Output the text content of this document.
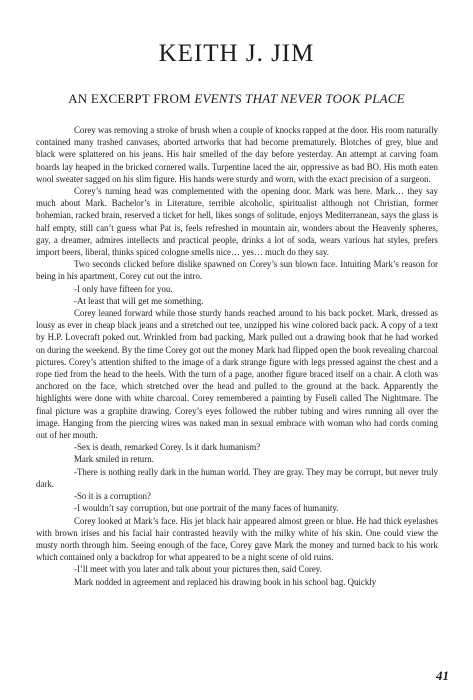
KEITH J. JIM
AN EXCERPT FROM EVENTS THAT NEVER TOOK PLACE

Corey was removing a stroke of brush when a couple of knocks rapped at the door. His room naturally contained many trashed canvases, aborted artworks that had become prematurely. Blotches of grey, blue and black were splattered on his jeans. His hair smelled of the day before yesterday. An attempt at carving foam boards lay heaped in the bricked cornered walls. Turpentine laced the air, oppressive as bad BO. His moth eaten wool sweater sagged on his slim figure. His hands were sturdy and worn, with the exact precision of a surgeon.

Corey’s turning head was complemented with the opening door. Mark was here. Mark… they say much about Mark. Bachelor’s in Literature, terrible alcoholic, spiritualist although not Christian, former bohemian, racked brain, reserved a ticket for hell, likes songs of solitude, enjoys Mediterranean, says the glass is half empty, still can’t guess what Pat is, feels refreshed in mountain air, wonders about the Heavenly spheres, gay, a dreamer, admires intellects and practical people, drinks a lot of soda, wears various hat styles, prefers import beers, liberal, thinks spiced cologne smells nice… yes… much do they say.

Two seconds clicked before dislike spawned on Corey’s sun blown face. Intuiting Mark’s reason for being in his apartment, Corey cut out the intro.

-I only have fifteen for you.

-At least that will get me something.

Corey leaned forward while those sturdy hands reached around to his back pocket. Mark, dressed as lousy as ever in cheap black jeans and a stretched out tee, unzipped his wine colored back pack. A copy of a text by H.P. Lovecraft poked out. Wrinkled from bad packing, Mark pulled out a drawing book that he had worked on during the weekend. By the time Corey got out the money Mark had flipped open the book revealing charcoal pictures. Corey’s attention shifted to the image of a dark strange figure with legs pressed against the chest and a rope tied from the head to the heels. With the turn of a page, another figure braced itself on a chair. A cloth was anchored on the face, which stretched over the head and pulled to the ground at the back. Apparently the highlights were done with white charcoal. Corey remembered a painting by Fuseli called The Nightmare. The final picture was a graphite drawing. Corey’s eyes followed the rubber tubing and wires running all over the image. Hanging from the piercing wires was naked man in sexual embrace with woman who had cords coming out of her mouth.

-Sex is death, remarked Corey. Is it dark humanism?

Mark smiled in return.

-There is nothing really dark in the human world. They are gray. They may be corrupt, but never truly dark.

-So it is a corruption?

-I wouldn’t say corruption, but one portrait of the many faces of humanity.

Corey looked at Mark’s face. His jet black hair appeared almost green or blue. He had thick eyelashes with brown irises and his facial hair contrasted heavily with the milky white of his skin. One could view the musty north through him. Seeing enough of the face, Corey gave Mark the money and turned back to his work which contained only a backdrop for what appeared to be a night scene of old ruins.

-I’ll meet with you later and talk about your pictures then, said Corey.

Mark nodded in agreement and replaced his drawing book in his school bag. Quickly

41
